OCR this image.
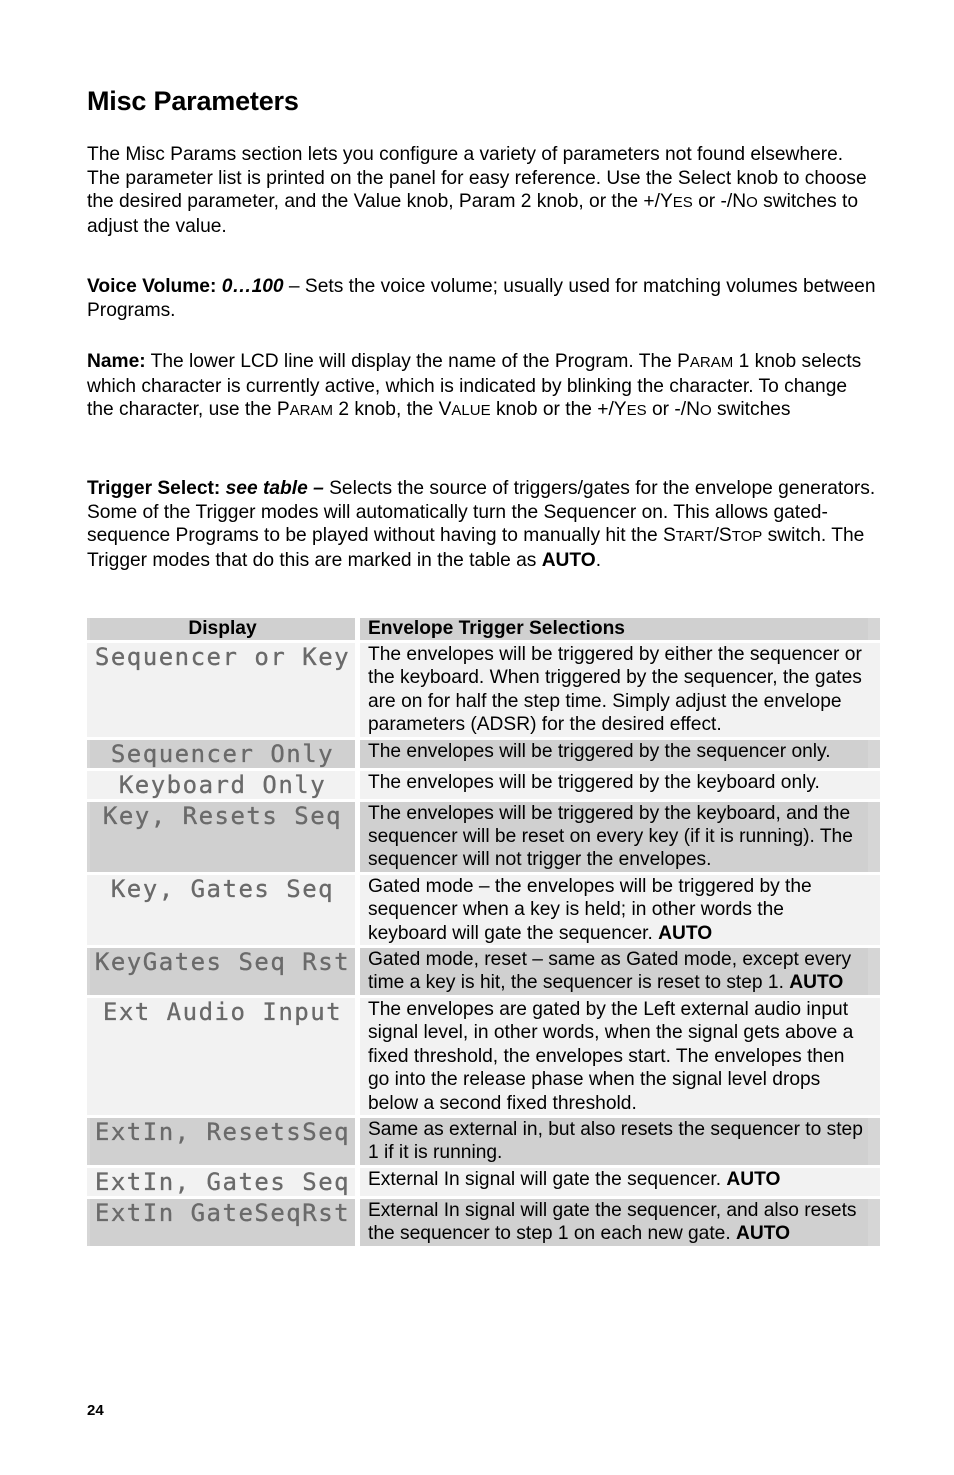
Misc Parameters

The Misc Params section lets you configure a variety of parameters not found elsewhere. The parameter list is printed on the panel for easy reference. Use the Select knob to choose the desired parameter, and the Value knob, Param 2 knob, or the +/YES or -/NO switches to adjust the value.

Voice Volume: 0…100 – Sets the voice volume; usually used for matching volumes between Programs.

Name: The lower LCD line will display the name of the Program. The PARAM 1 knob selects which character is currently active, which is indicated by blinking the character. To change the character, use the PARAM 2 knob, the VALUE knob or the +/YES or -/NO switches

Trigger Select: see table – Selects the source of triggers/gates for the envelope generators. Some of the Trigger modes will automatically turn the Sequencer on. This allows gated-sequence Programs to be played without having to manually hit the START/STOP switch. The Trigger modes that do this are marked in the table as AUTO.

Display	Envelope Trigger Selections
Sequencer or Key	The envelopes will be triggered by either the sequencer or the keyboard. When triggered by the sequencer, the gates are on for half the step time. Simply adjust the envelope parameters (ADSR) for the desired effect.
Sequencer Only	The envelopes will be triggered by the sequencer only.
Keyboard Only	The envelopes will be triggered by the keyboard only.
Key, Resets Seq	The envelopes will be triggered by the keyboard, and the sequencer will be reset on every key (if it is running). The sequencer will not trigger the envelopes.
Key, Gates Seq	Gated mode – the envelopes will be triggered by the sequencer when a key is held; in other words the keyboard will gate the sequencer. AUTO
KeyGates Seq Rst	Gated mode, reset – same as Gated mode, except every time a key is hit, the sequencer is reset to step 1. AUTO
Ext Audio Input	The envelopes are gated by the Left external audio input signal level, in other words, when the signal gets above a fixed threshold, the envelopes start. The envelopes then go into the release phase when the signal level drops below a second fixed threshold.
ExtIn, ResetsSeq	Same as external in, but also resets the sequencer to step 1 if it is running.
ExtIn, Gates Seq	External In signal will gate the sequencer. AUTO
ExtIn GateSeqRst	External In signal will gate the sequencer, and also resets the sequencer to step 1 on each new gate. AUTO
24
